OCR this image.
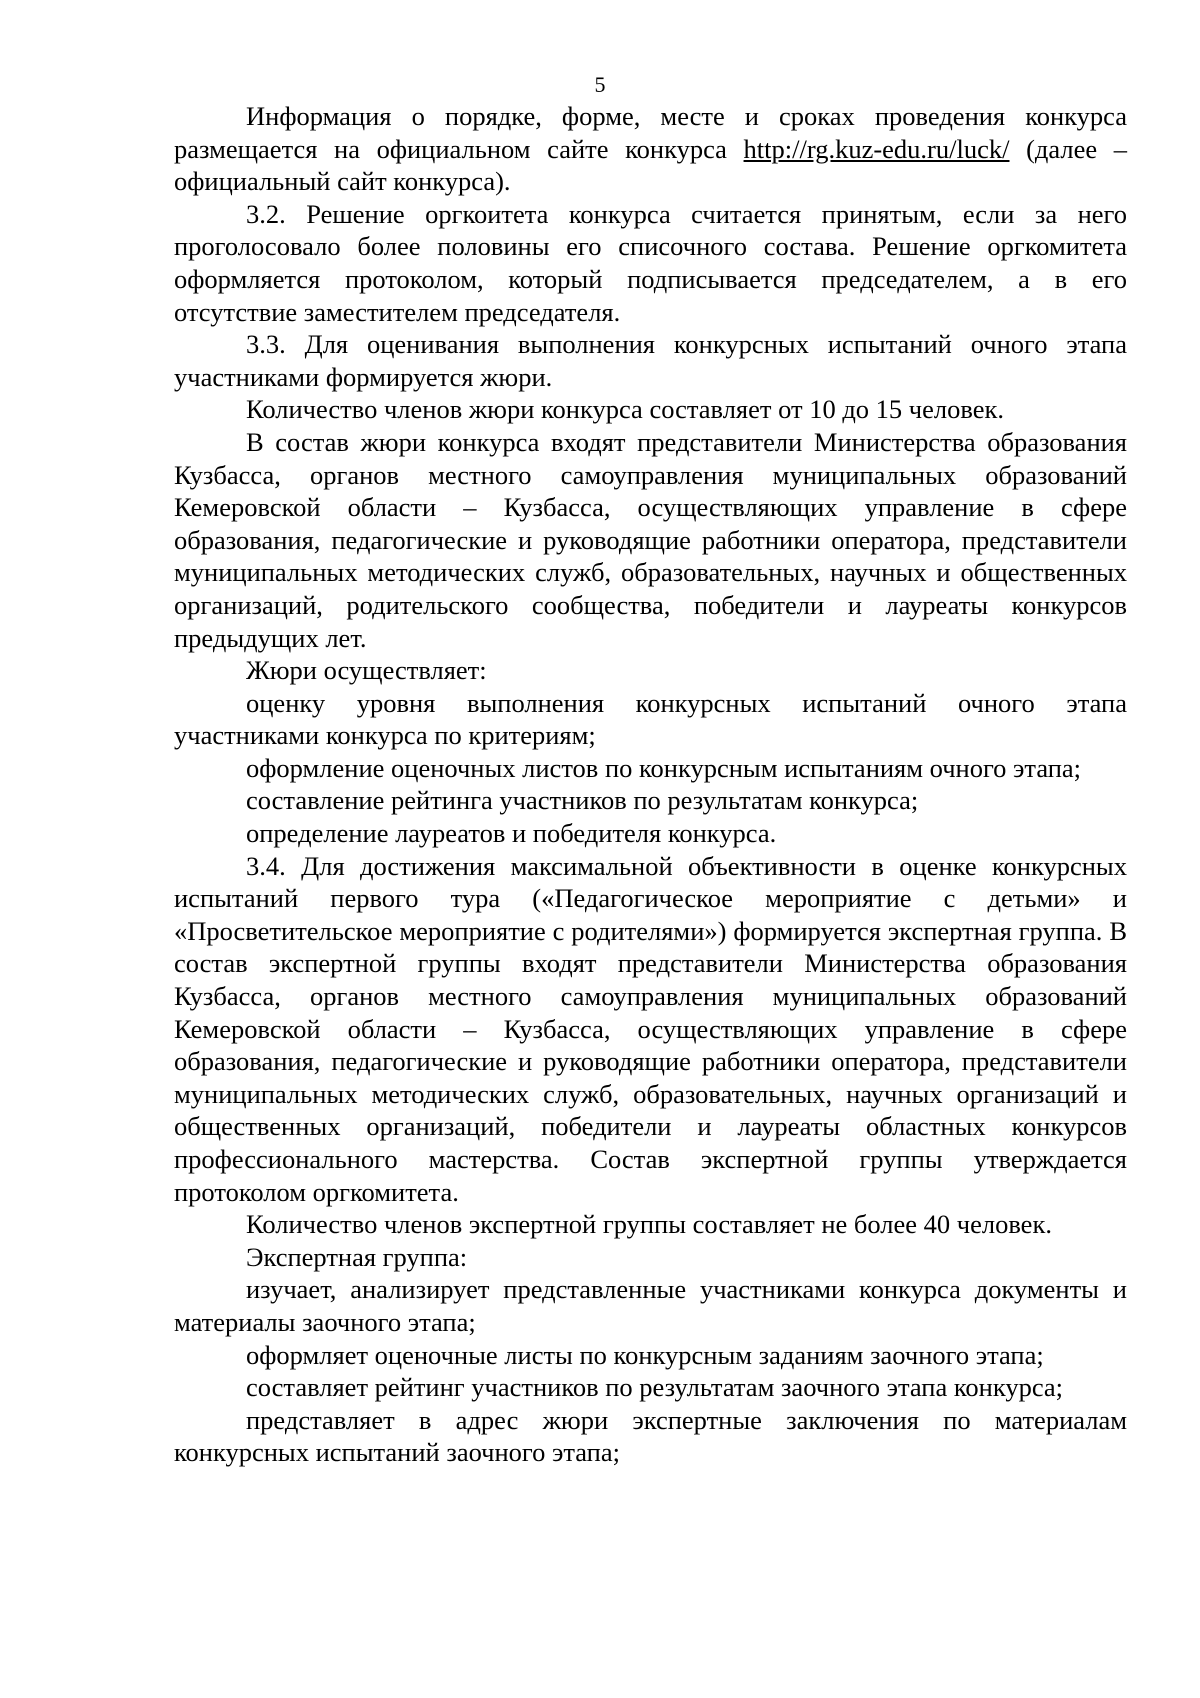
5

Информация о порядке, форме, месте и сроках проведения конкурса размещается на официальном сайте конкурса http://rg.kuz-edu.ru/luck/ (далее – официальный сайт конкурса).

3.2. Решение оргкоитета конкурса считается принятым, если за него проголосовало более половины его списочного состава. Решение оргкомитета оформляется протоколом, который подписывается председателем, а в его отсутствие заместителем председателя.

3.3. Для оценивания выполнения конкурсных испытаний очного этапа участниками формируется жюри.

Количество членов жюри конкурса составляет от 10 до 15 человек.

В состав жюри конкурса входят представители Министерства образования Кузбасса, органов местного самоуправления муниципальных образований Кемеровской области – Кузбасса, осуществляющих управление в сфере образования, педагогические и руководящие работники оператора, представители муниципальных методических служб, образовательных, научных и общественных организаций, родительского сообщества, победители и лауреаты конкурсов предыдущих лет.

Жюри осуществляет:

оценку уровня выполнения конкурсных испытаний очного этапа участниками конкурса по критериям;

оформление оценочных листов по конкурсным испытаниям очного этапа;

составление рейтинга участников по результатам конкурса;

определение лауреатов и победителя конкурса.

3.4. Для достижения максимальной объективности в оценке конкурсных испытаний первого тура («Педагогическое мероприятие с детьми» и «Просветительское мероприятие с родителями») формируется экспертная группа. В состав экспертной группы входят представители Министерства образования Кузбасса, органов местного самоуправления муниципальных образований Кемеровской области – Кузбасса, осуществляющих управление в сфере образования, педагогические и руководящие работники оператора, представители муниципальных методических служб, образовательных, научных организаций и общественных организаций, победители и лауреаты областных конкурсов профессионального мастерства. Состав экспертной группы утверждается протоколом оргкомитета.

Количество членов экспертной группы составляет не более 40 человек.

Экспертная группа:

изучает, анализирует представленные участниками конкурса документы и материалы заочного этапа;

оформляет оценочные листы по конкурсным заданиям заочного этапа;

составляет рейтинг участников по результатам заочного этапа конкурса;

представляет в адрес жюри экспертные заключения по материалам конкурсных испытаний заочного этапа;
